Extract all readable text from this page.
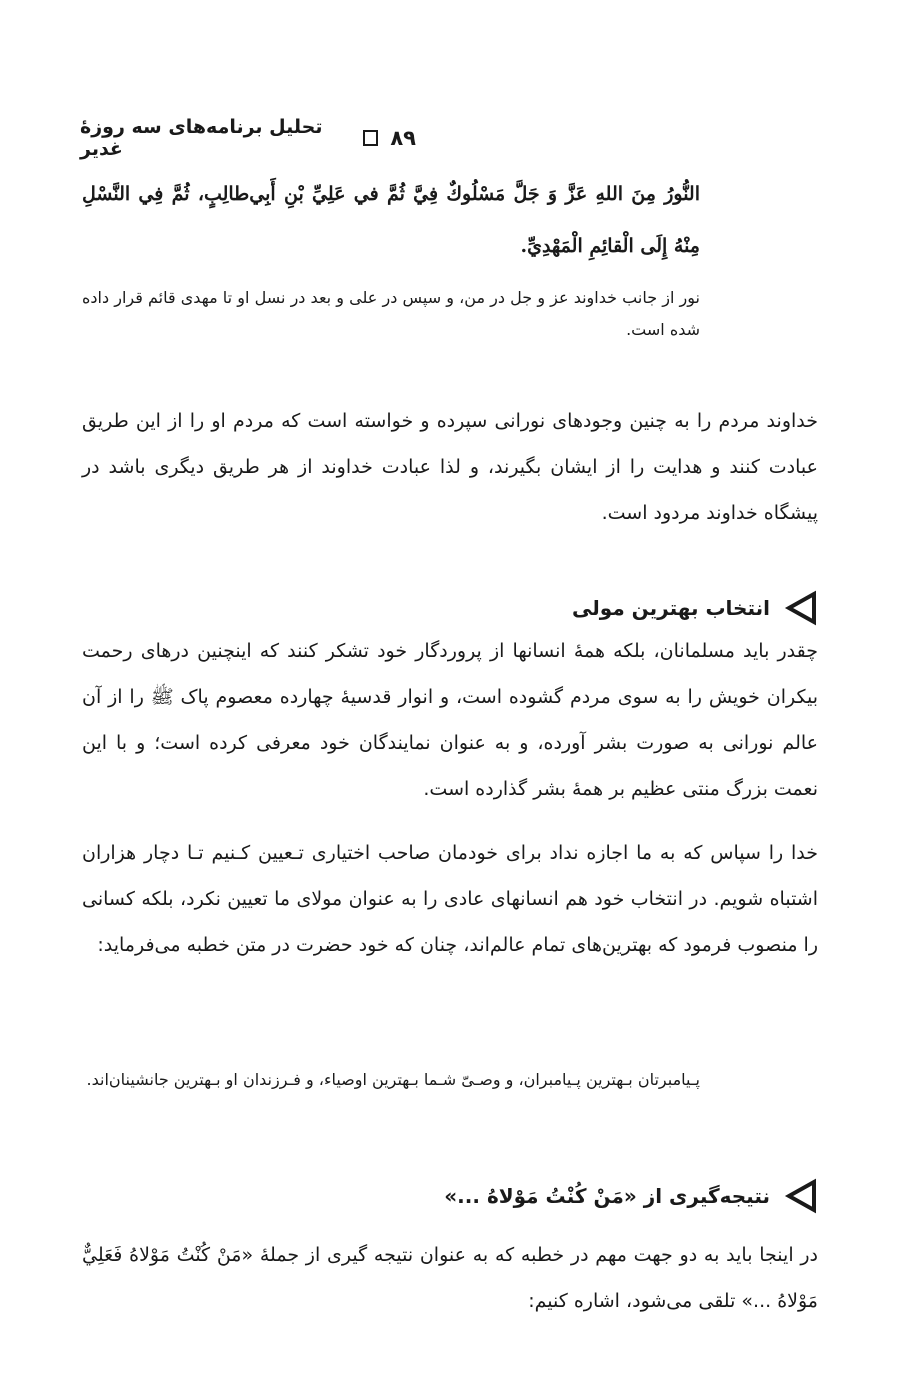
۸۹
تحلیل برنامه‌های سه روزهٔ غدیر
النُّورُ مِنَ اللهِ عَزَّ وَ جَلَّ مَسْلُوكٌ فِيَّ ثُمَّ في عَلِيِّ بْنِ أَبِي‌طالِبٍ، ثُمَّ فِي النَّسْلِ مِنْهُ إِلَى الْقائِمِ الْمَهْدِيِّ.
نور از جانب خداوند عز و جل در من، و سپس در علی و بعد در نسل او تا مهدی قائم قرار داده شده است.
خداوند مردم را به چنین وجودهای نورانی سپرده و خواسته است که مردم او را از این طریق عبادت کنند و هدایت را از ایشان بگیرند، و لذا عبادت خداوند از هر طریق دیگری باشد در پیشگاه خداوند مردود است.
انتخاب بهترین مولی
چقدر باید مسلمانان، بلکه همهٔ انسانها از پروردگار خود تشکر کنند که اینچنین درهای رحمت بیکران خویش را به سوی مردم گشوده است، و انوار قدسیهٔ چهارده معصوم پاک ﷺ را از آن عالم نورانی به صورت بشر آورده، و به عنوان نمایندگان خود معرفی کرده است؛ و با این نعمت بزرگ منتی عظیم بر همهٔ بشر گذارده است.
خدا را سپاس که به ما اجازه نداد برای خودمان صاحب اختیاری تـعیین کـنیم تـا دچار هزاران اشتباه شویم. در انتخاب خود هم انسانهای عادی را به عنوان مولای ما تعیین نکرد، بلکه کسانی را منصوب فرمود که بهترین‌های تمام عالم‌اند، چنان که خود حضرت در متن خطبه می‌فرماید:
پـیامبرتان بـهترین پـیامبران، و وصـیّ شـما بـهترین اوصیاء، و فـرزندان او بـهترین جانشینان‌اند.
نتیجه‌گیری از «مَنْ كُنْتُ مَوْلاهُ ...»
در اینجا باید به دو جهت مهم در خطبه که به عنوان نتیجه گیری از جملهٔ «مَنْ كُنْتُ مَوْلاهُ فَعَلِيٌّ مَوْلاهُ ...» تلقی می‌شود، اشاره کنیم:
